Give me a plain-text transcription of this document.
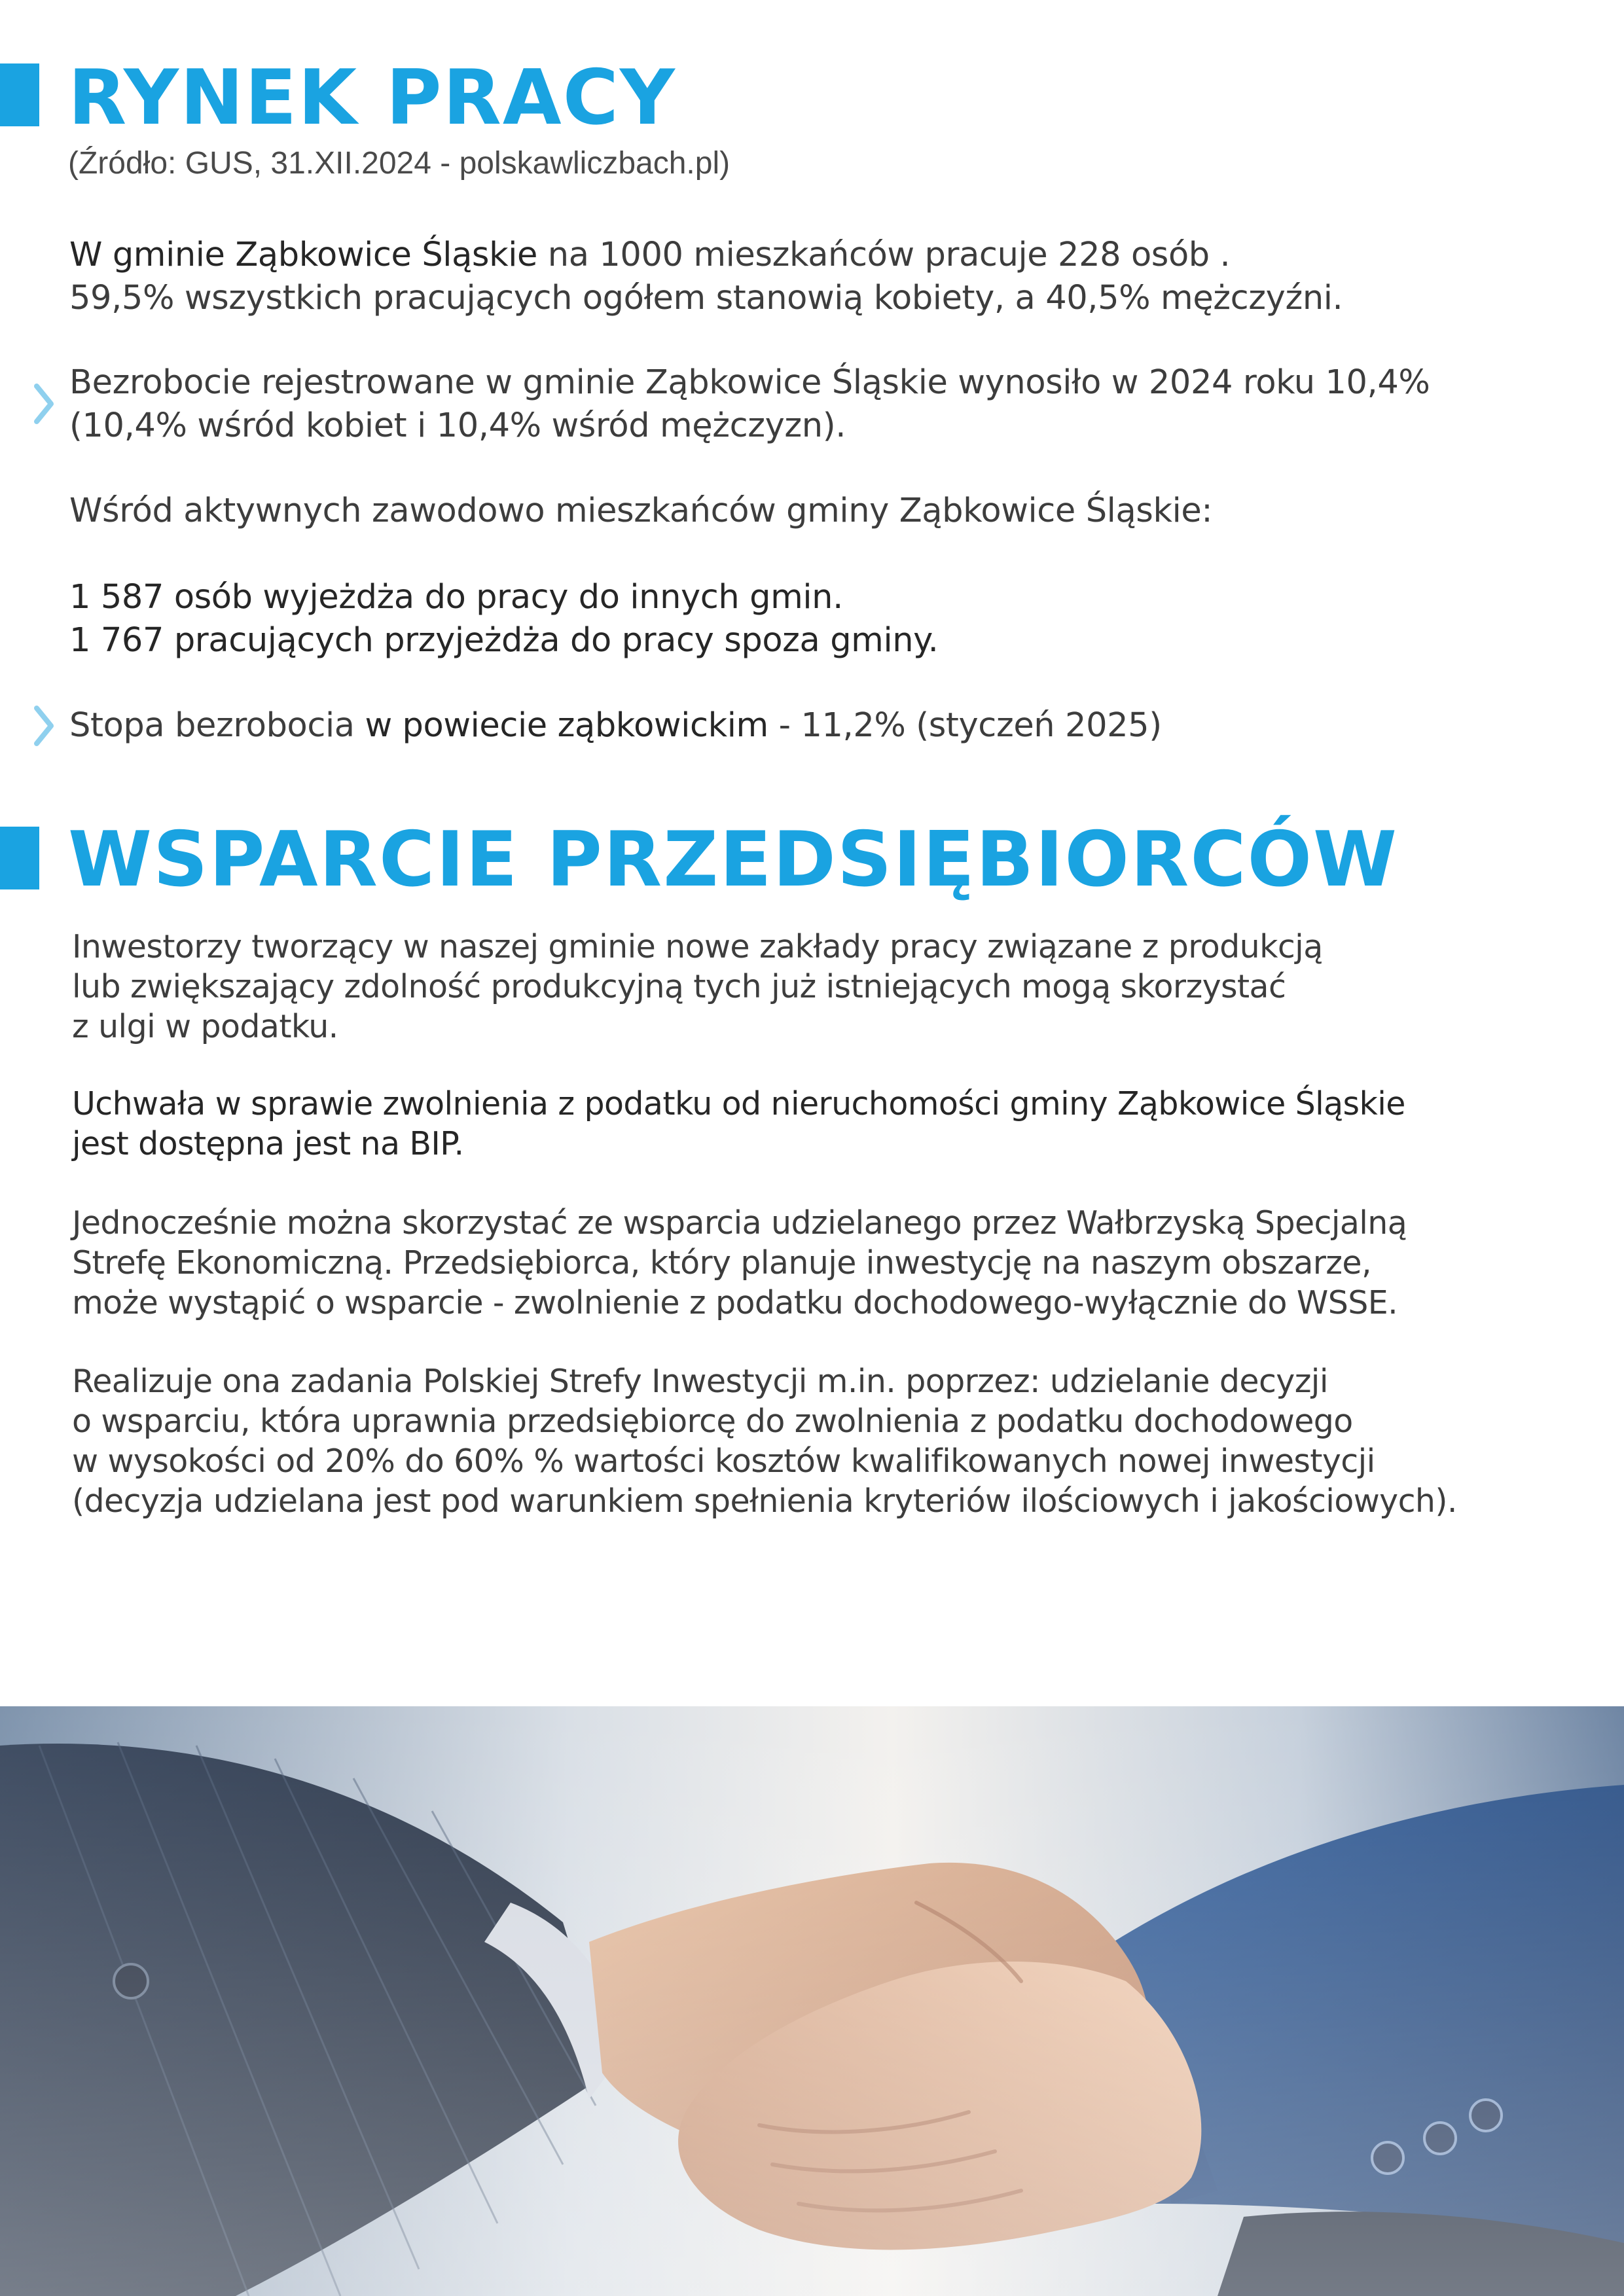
RYNEK PRACY

(Źródło: GUS, 31.XII.2024 - polskawliczbach.pl)

W gminie Ząbkowice Śląskie na 1000 mieszkańców pracuje 228 osób .
59,5% wszystkich pracujących ogółem stanowią kobiety, a 40,5% mężczyźni.

Bezrobocie rejestrowane w gminie Ząbkowice Śląskie wynosiło w 2024 roku 10,4%
(10,4% wśród kobiet i 10,4% wśród mężczyzn).

Wśród aktywnych zawodowo mieszkańców gminy Ząbkowice Śląskie:

1 587 osób wyjeżdża do pracy do innych gmin.
1 767 pracujących przyjeżdża do pracy spoza gminy.

Stopa bezrobocia w powiecie ząbkowickim - 11,2% (styczeń 2025)

WSPARCIE PRZEDSIĘBIORCÓW

Inwestorzy tworzący w naszej gminie nowe zakłady pracy związane z produkcją
lub zwiększający zdolność produkcyjną tych już istniejących mogą skorzystać
z ulgi w podatku.

Uchwała w sprawie zwolnienia z podatku od nieruchomości gminy Ząbkowice Śląskie
jest dostępna jest na BIP.

Jednocześnie można skorzystać ze wsparcia udzielanego przez Wałbrzyską Specjalną
Strefę Ekonomiczną. Przedsiębiorca, który planuje inwestycję na naszym obszarze,
może wystąpić o wsparcie - zwolnienie z podatku dochodowego-wyłącznie do WSSE.

Realizuje ona zadania Polskiej Strefy Inwestycji m.in. poprzez: udzielanie decyzji
o wsparciu, która uprawnia przedsiębiorcę do zwolnienia z podatku dochodowego
w wysokości od 20% do 60% % wartości kosztów kwalifikowanych nowej inwestycji
(decyzja udzielana jest pod warunkiem spełnienia kryteriów ilościowych i jakościowych).
